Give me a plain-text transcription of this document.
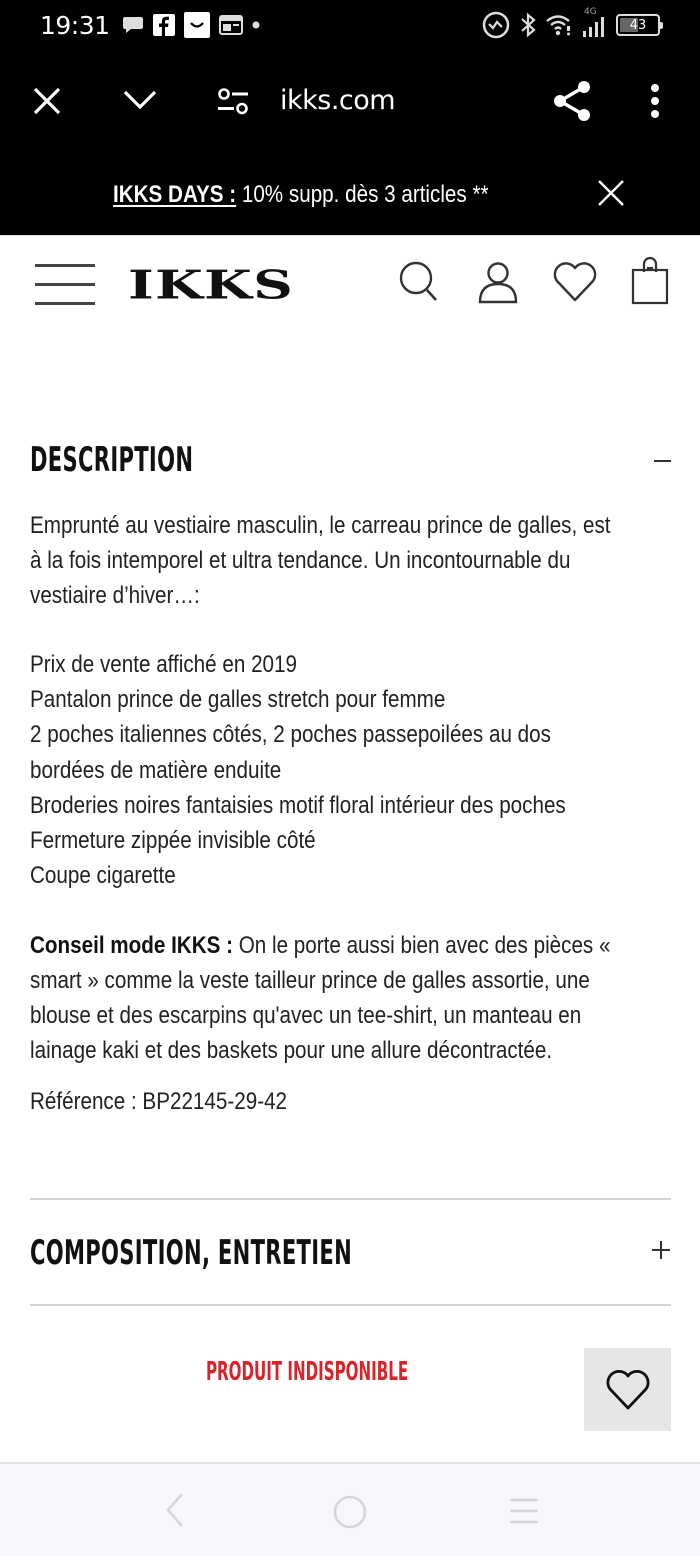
19:31	4G
43
ikks.com
IKKS DAYS : 10% supp. dès 3 articles **
IKKS
DESCRIPTION
Emprunté au vestiaire masculin, le carreau prince de galles, est
à la fois intemporel et ultra tendance. Un incontournable du
vestiaire d’hiver…:
Prix de vente affiché en 2019
Pantalon prince de galles stretch pour femme
2 poches italiennes côtés, 2 poches passepoilées au dos
bordées de matière enduite
Broderies noires fantaisies motif floral intérieur des poches
Fermeture zippée invisible côté
Coupe cigarette
Conseil mode IKKS : On le porte aussi bien avec des pièces «
smart » comme la veste tailleur prince de galles assortie, une
blouse et des escarpins qu'avec un tee-shirt, un manteau en
lainage kaki et des baskets pour une allure décontractée.
Référence : BP22145-29-42
COMPOSITION, ENTRETIEN
PRODUIT INDISPONIBLE
